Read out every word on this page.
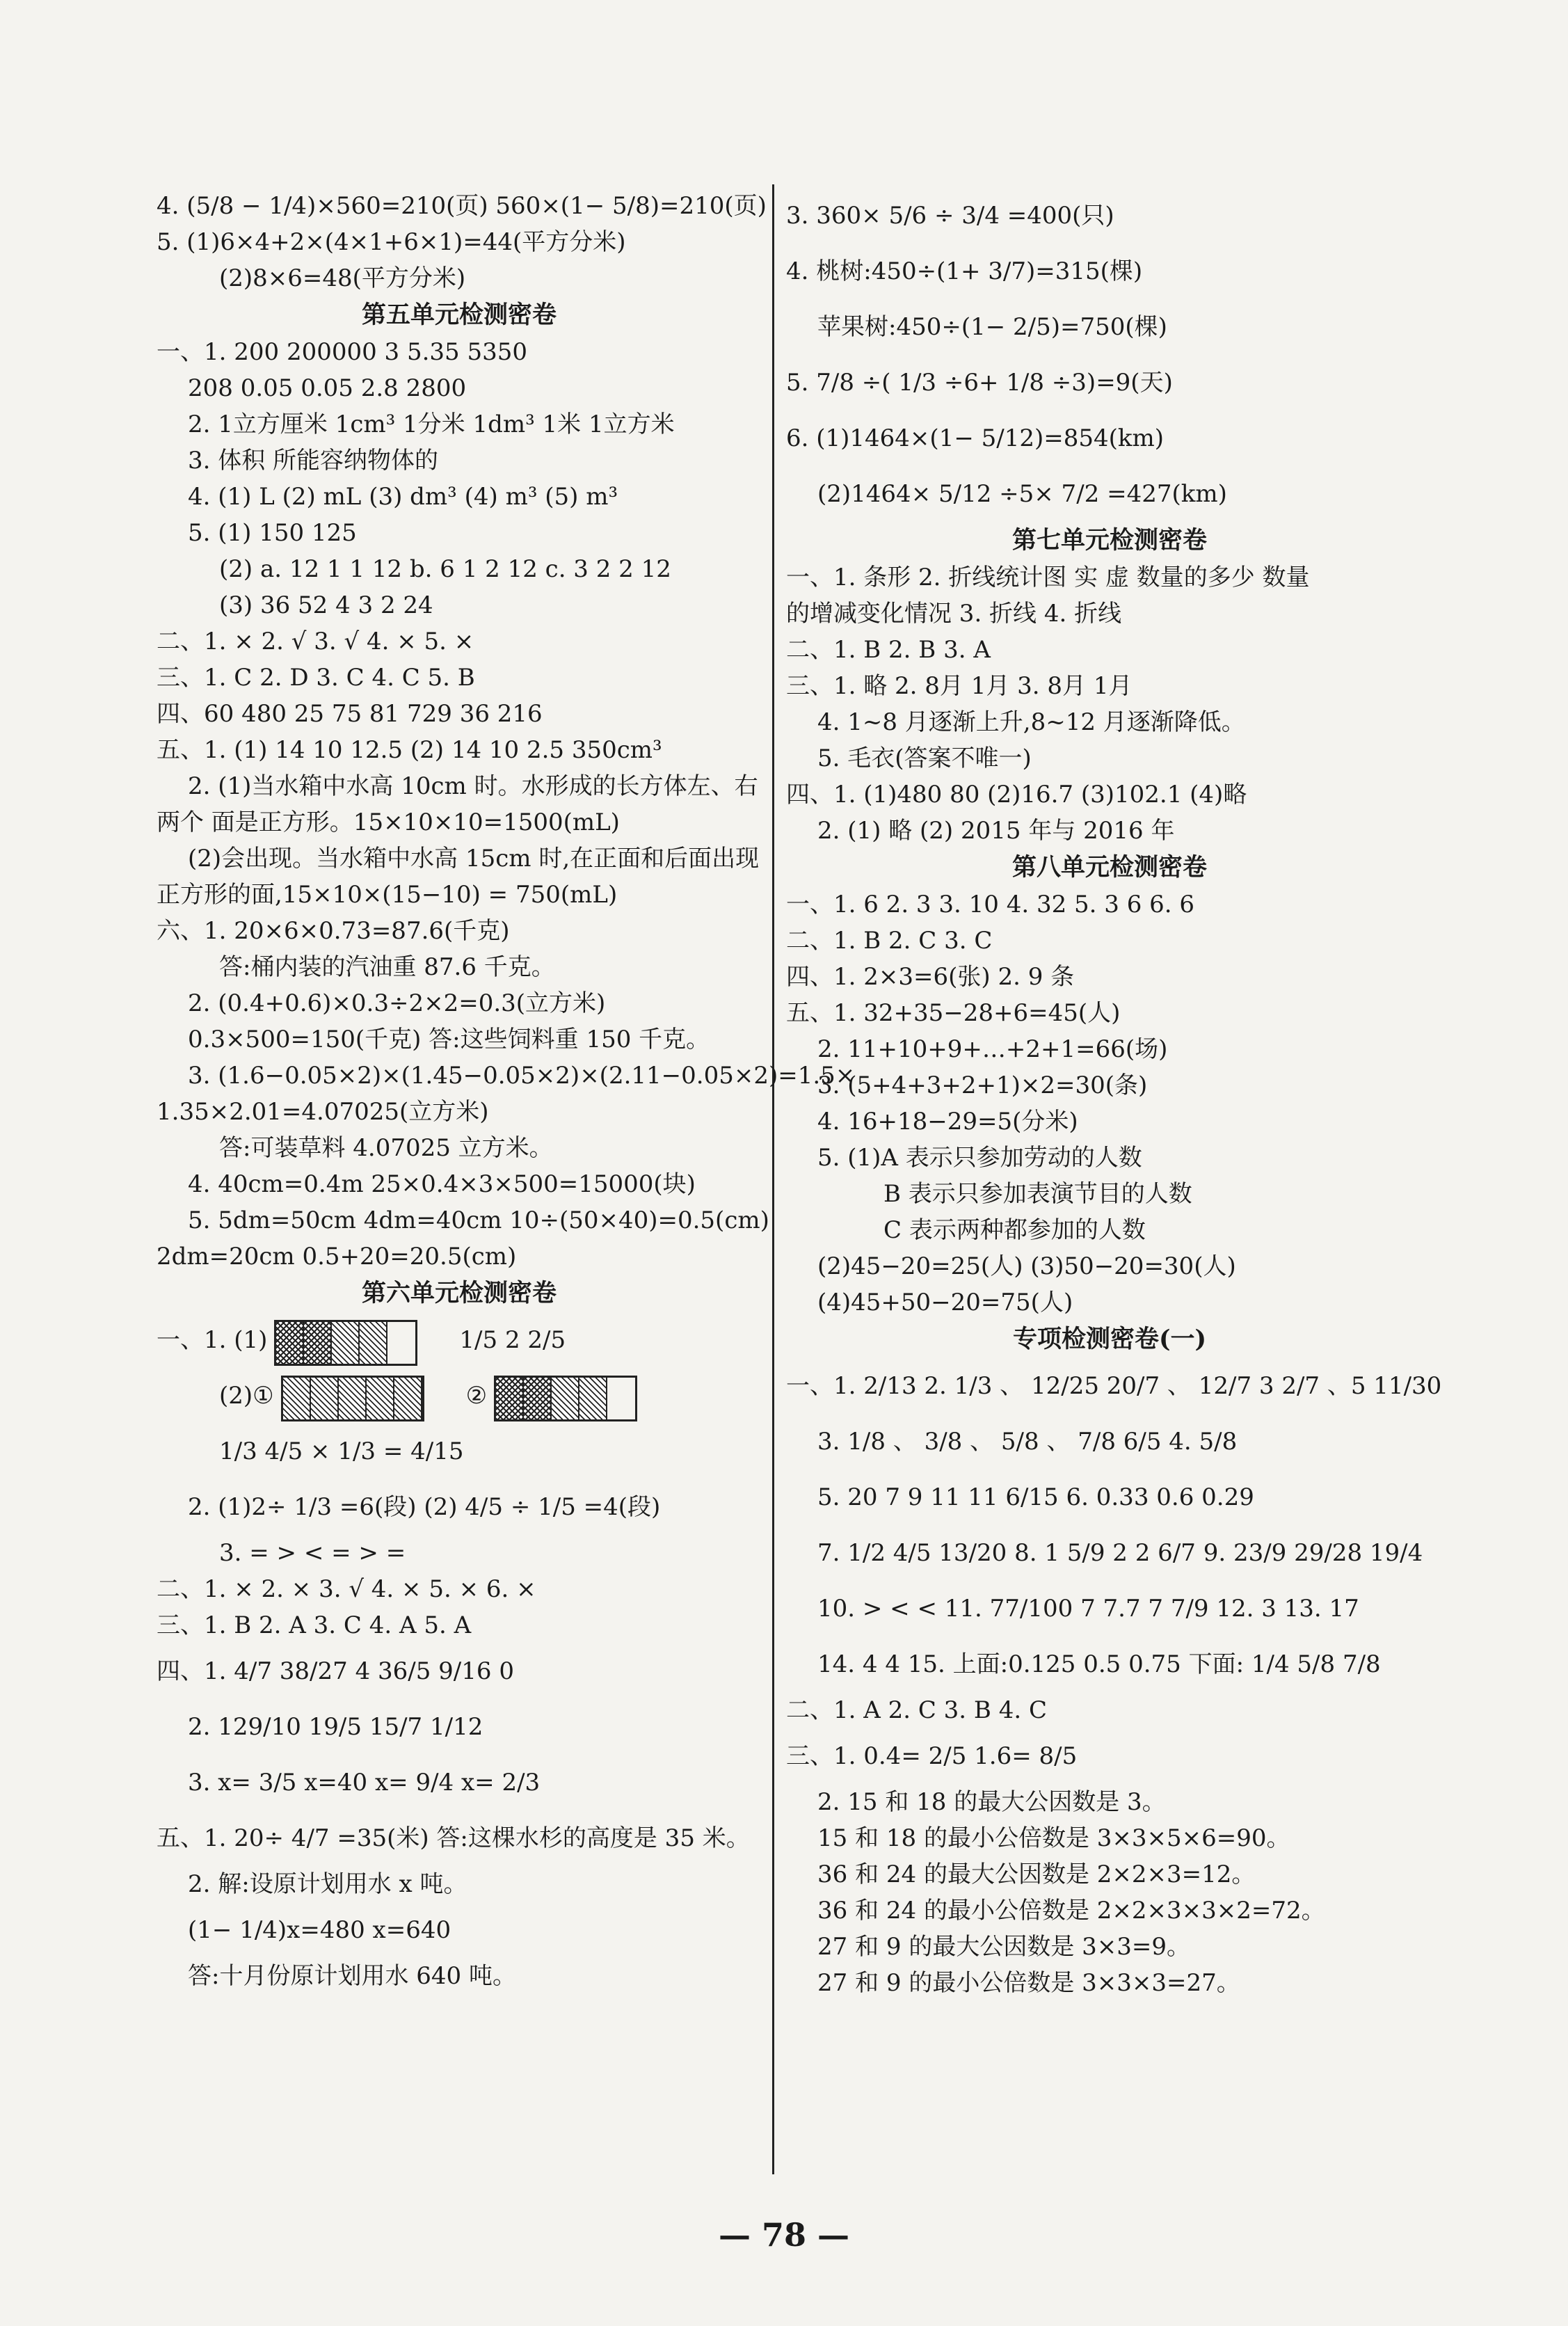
4. (5/8 − 1/4)×560=210(页) 560×(1− 5/8)=210(页)
5. (1)6×4+2×(4×1+6×1)=44(平方分米)
(2)8×6=48(平方分米)
第五单元检测密卷
一、1. 200 200000 3 5.35 5350
208 0.05 0.05 2.8 2800
2. 1立方厘米 1cm³ 1分米 1dm³ 1米 1立方米
3. 体积 所能容纳物体的
4. (1) L (2) mL (3) dm³ (4) m³ (5) m³
5. (1) 150 125
(2) a. 12 1 1 12 b. 6 1 2 12 c. 3 2 2 12
(3) 36 52 4 3 2 24
二、1. × 2. √ 3. √ 4. × 5. ×
三、1. C 2. D 3. C 4. C 5. B
四、60 480 25 75 81 729 36 216
五、1. (1) 14 10 12.5 (2) 14 10 2.5 350cm³
2. (1)当水箱中水高 10cm 时。水形成的长方体左、右
两个 面是正方形。15×10×10=1500(mL)
(2)会出现。当水箱中水高 15cm 时,在正面和后面出现
正方形的面,15×10×(15−10) = 750(mL)
六、1. 20×6×0.73=87.6(千克)
答:桶内装的汽油重 87.6 千克。
2. (0.4+0.6)×0.3÷2×2=0.3(立方米)
0.3×500=150(千克) 答:这些饲料重 150 千克。
3. (1.6−0.05×2)×(1.45−0.05×2)×(2.11−0.05×2)=1.5×
1.35×2.01=4.07025(立方米)
答:可装草料 4.07025 立方米。
4. 40cm=0.4m 25×0.4×3×500=15000(块)
5. 5dm=50cm 4dm=40cm 10÷(50×40)=0.5(cm)
2dm=20cm 0.5+20=20.5(cm)
第六单元检测密卷
一、1. (1)	1/5 2 2/5
(2)①	②
1/3 4/5 × 1/3 = 4/15
2. (1)2÷ 1/3 =6(段) (2) 4/5 ÷ 1/5 =4(段)
3. = > < = > =
二、1. × 2. × 3. √ 4. × 5. × 6. ×
三、1. B 2. A 3. C 4. A 5. A
四、1. 4/7 38/27 4 36/5 9/16 0
2. 129/10 19/5 15/7 1/12
3. x= 3/5 x=40 x= 9/4 x= 2/3
五、1. 20÷ 4/7 =35(米) 答:这棵水杉的高度是 35 米。
2. 解:设原计划用水 x 吨。
(1− 1/4)x=480 x=640
答:十月份原计划用水 640 吨。
3. 360× 5/6 ÷ 3/4 =400(只)
4. 桃树:450÷(1+ 3/7)=315(棵)
苹果树:450÷(1− 2/5)=750(棵)
5. 7/8 ÷( 1/3 ÷6+ 1/8 ÷3)=9(天)
6. (1)1464×(1− 5/12)=854(km)
(2)1464× 5/12 ÷5× 7/2 =427(km)
第七单元检测密卷
一、1. 条形 2. 折线统计图 实 虚 数量的多少 数量
的增减变化情况 3. 折线 4. 折线
二、1. B 2. B 3. A
三、1. 略 2. 8月 1月 3. 8月 1月
4. 1~8 月逐渐上升,8~12 月逐渐降低。
5. 毛衣(答案不唯一)
四、1. (1)480 80 (2)16.7 (3)102.1 (4)略
2. (1) 略 (2) 2015 年与 2016 年
第八单元检测密卷
一、1. 6 2. 3 3. 10 4. 32 5. 3 6 6. 6
二、1. B 2. C 3. C
四、1. 2×3=6(张) 2. 9 条
五、1. 32+35−28+6=45(人)
2. 11+10+9+…+2+1=66(场)
3. (5+4+3+2+1)×2=30(条)
4. 16+18−29=5(分米)
5. (1)A 表示只参加劳动的人数
B 表示只参加表演节目的人数
C 表示两种都参加的人数
(2)45−20=25(人) (3)50−20=30(人)
(4)45+50−20=75(人)
专项检测密卷(一)
一、1. 2/13 2. 1/3 、 12/25 20/7 、 12/7 3 2/7 、5 11/30
3. 1/8 、 3/8 、 5/8 、 7/8 6/5 4. 5/8
5. 20 7 9 11 11 6/15 6. 0.33 0.6 0.29
7. 1/2 4/5 13/20 8. 1 5/9 2 2 6/7 9. 23/9 29/28 19/4
10. > < < 11. 77/100 7 7.7 7 7/9 12. 3 13. 17
14. 4 4 15. 上面:0.125 0.5 0.75 下面: 1/4 5/8 7/8
二、1. A 2. C 3. B 4. C
三、1. 0.4= 2/5 1.6= 8/5
2. 15 和 18 的最大公因数是 3。
15 和 18 的最小公倍数是 3×3×5×6=90。
36 和 24 的最大公因数是 2×2×3=12。
36 和 24 的最小公倍数是 2×2×3×3×2=72。
27 和 9 的最大公因数是 3×3=9。
27 和 9 的最小公倍数是 3×3×3=27。
— 78 —
